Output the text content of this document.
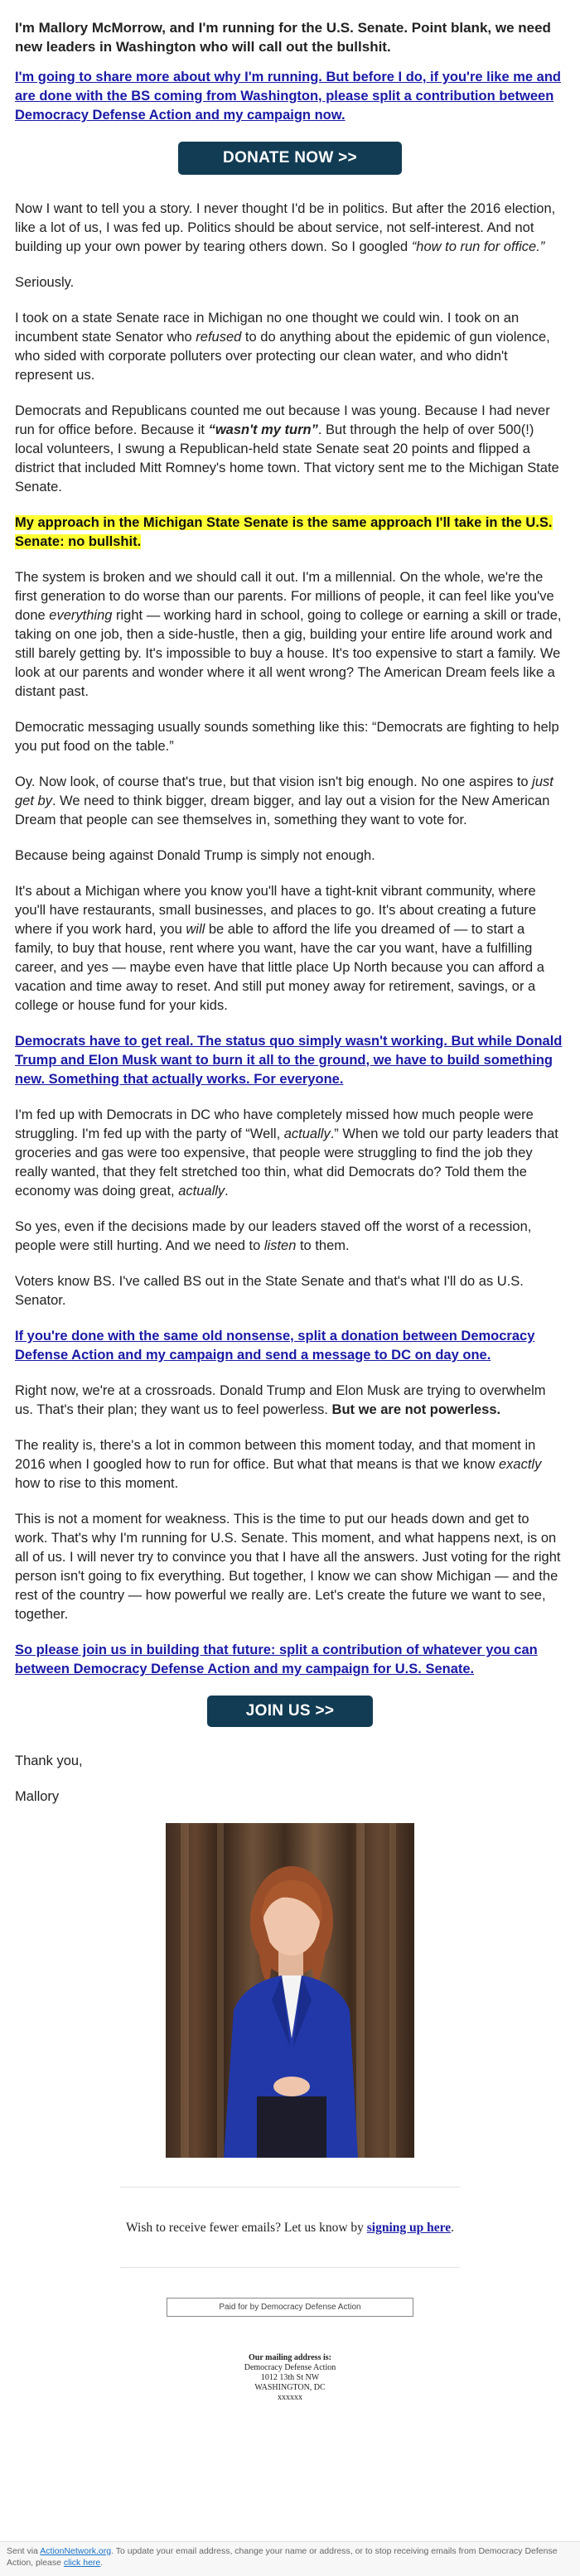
I'm Mallory McMorrow, and I'm running for the U.S. Senate. Point blank, we need new leaders in Washington who will call out the bullshit.

I'm going to share more about why I'm running. But before I do, if you're like me and are done with the BS coming from Washington, please split a contribution between Democracy Defense Action and my campaign now.
DONATE NOW >>

Now I want to tell you a story. I never thought I'd be in politics. But after the 2016 election, like a lot of us, I was fed up. Politics should be about service, not self-interest. And not building up your own power by tearing others down. So I googled “how to run for office.”

Seriously.

I took on a state Senate race in Michigan no one thought we could win. I took on an incumbent state Senator who refused to do anything about the epidemic of gun violence, who sided with corporate polluters over protecting our clean water, and who didn't represent us.

Democrats and Republicans counted me out because I was young. Because I had never run for office before. Because it “wasn't my turn”. But through the help of over 500(!) local volunteers, I swung a Republican-held state Senate seat 20 points and flipped a district that included Mitt Romney's home town. That victory sent me to the Michigan State Senate.

My approach in the Michigan State Senate is the same approach I'll take in the U.S. Senate: no bullshit.

The system is broken and we should call it out. I'm a millennial. On the whole, we're the first generation to do worse than our parents. For millions of people, it can feel like you've done everything right — working hard in school, going to college or earning a skill or trade, taking on one job, then a side-hustle, then a gig, building your entire life around work and still barely getting by. It's impossible to buy a house. It's too expensive to start a family. We look at our parents and wonder where it all went wrong? The American Dream feels like a distant past.

Democratic messaging usually sounds something like this: “Democrats are fighting to help you put food on the table.”

Oy. Now look, of course that's true, but that vision isn't big enough. No one aspires to just get by. We need to think bigger, dream bigger, and lay out a vision for the New American Dream that people can see themselves in, something they want to vote for.

Because being against Donald Trump is simply not enough.

It's about a Michigan where you know you'll have a tight-knit vibrant community, where you'll have restaurants, small businesses, and places to go. It's about creating a future where if you work hard, you will be able to afford the life you dreamed of — to start a family, to buy that house, rent where you want, have the car you want, have a fulfilling career, and yes — maybe even have that little place Up North because you can afford a vacation and time away to reset. And still put money away for retirement, savings, or a college or house fund for your kids.

Democrats have to get real. The status quo simply wasn't working. But while Donald Trump and Elon Musk want to burn it all to the ground, we have to build something new. Something that actually works. For everyone.

I'm fed up with Democrats in DC who have completely missed how much people were struggling. I'm fed up with the party of “Well, actually.” When we told our party leaders that groceries and gas were too expensive, that people were struggling to find the job they really wanted, that they felt stretched too thin, what did Democrats do? Told them the economy was doing great, actually.

So yes, even if the decisions made by our leaders staved off the worst of a recession, people were still hurting. And we need to listen to them.

Voters know BS. I've called BS out in the State Senate and that's what I'll do as U.S. Senator.

If you're done with the same old nonsense, split a donation between Democracy Defense Action and my campaign and send a message to DC on day one.

Right now, we're at a crossroads. Donald Trump and Elon Musk are trying to overwhelm us. That's their plan; they want us to feel powerless. But we are not powerless.

The reality is, there's a lot in common between this moment today, and that moment in 2016 when I googled how to run for office. But what that means is that we know exactly how to rise to this moment.

This is not a moment for weakness. This is the time to put our heads down and get to work. That's why I'm running for U.S. Senate. This moment, and what happens next, is on all of us. I will never try to convince you that I have all the answers. Just voting for the right person isn't going to fix everything. But together, I know we can show Michigan — and the rest of the country — how powerful we really are. Let's create the future we want to see, together.

So please join us in building that future: split a contribution of whatever you can between Democracy Defense Action and my campaign for U.S. Senate.
JOIN US >>

Thank you,

Mallory

Wish to receive fewer emails? Let us know by signing up here.
Paid for by Democracy Defense Action
Our mailing address is:
Democracy Defense Action
1012 13th St NW
WASHINGTON, DC
xxxxxx
Sent via ActionNetwork.org. To update your email address, change your name or address, or to stop receiving emails from Democracy Defense Action, please click here.
